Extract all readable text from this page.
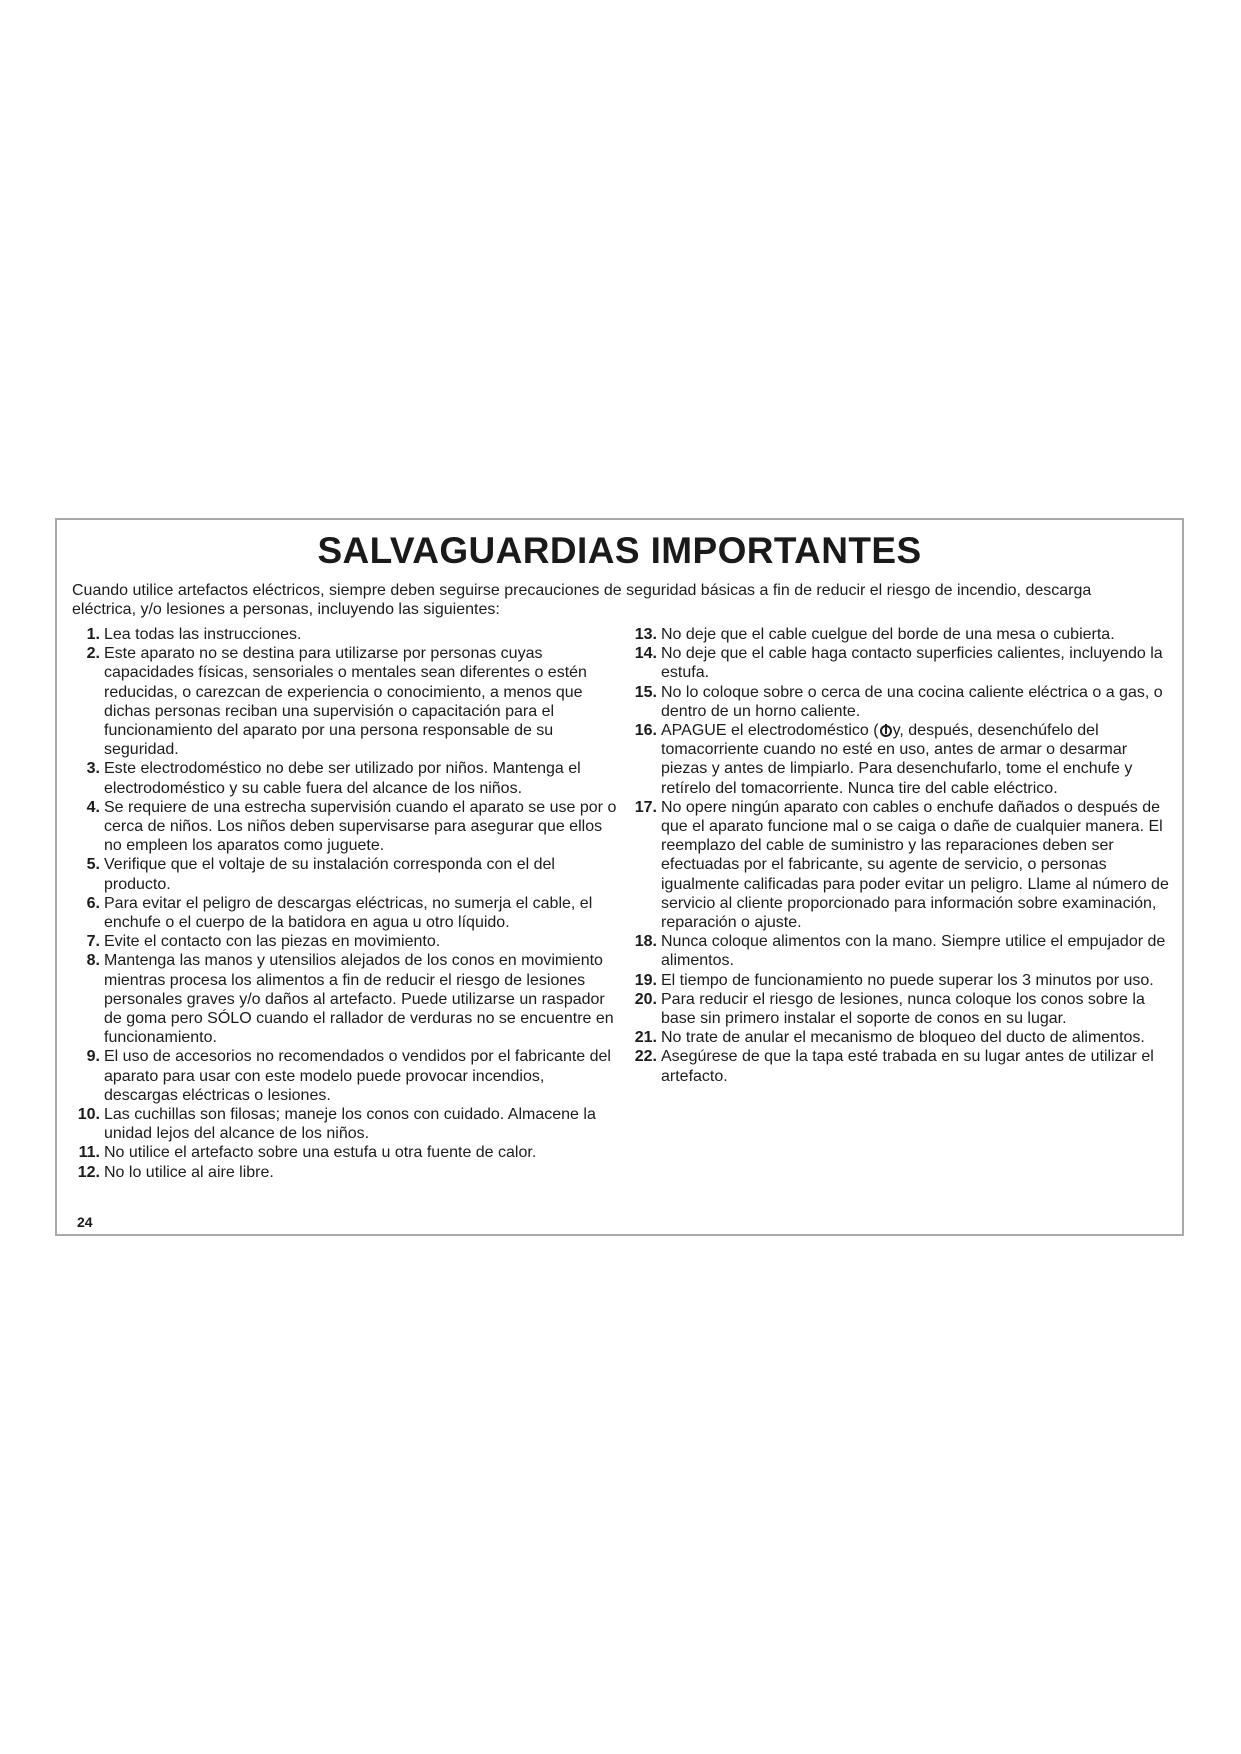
SALVAGUARDIAS IMPORTANTES

Cuando utilice artefactos eléctricos, siempre deben seguirse precauciones de seguridad básicas a fin de reducir el riesgo de incendio, descarga eléctrica, y/o lesiones a personas, incluyendo las siguientes:

1. Lea todas las instrucciones.
2. Este aparato no se destina para utilizarse por personas cuyas capacidades físicas, sensoriales o mentales sean diferentes o estén reducidas, o carezcan de experiencia o conocimiento, a menos que dichas personas reciban una supervisión o capacitación para el funcionamiento del aparato por una persona responsable de su seguridad.
3. Este electrodoméstico no debe ser utilizado por niños. Mantenga el electrodoméstico y su cable fuera del alcance de los niños.
4. Se requiere de una estrecha supervisión cuando el aparato se use por o cerca de niños. Los niños deben supervisarse para asegurar que ellos no empleen los aparatos como juguete.
5. Verifique que el voltaje de su instalación corresponda con el del producto.
6. Para evitar el peligro de descargas eléctricas, no sumerja el cable, el enchufe o el cuerpo de la batidora en agua u otro líquido.
7. Evite el contacto con las piezas en movimiento.
8. Mantenga las manos y utensilios alejados de los conos en movimiento mientras procesa los alimentos a fin de reducir el riesgo de lesiones personales graves y/o daños al artefacto. Puede utilizarse un raspador de goma pero SÓLO cuando el rallador de verduras no se encuentre en funcionamiento.
9. El uso de accesorios no recomendados o vendidos por el fabricante del aparato para usar con este modelo puede provocar incendios, descargas eléctricas o lesiones.
10. Las cuchillas son filosas; maneje los conos con cuidado. Almacene la unidad lejos del alcance de los niños.
11. No utilice el artefacto sobre una estufa u otra fuente de calor.
12. No lo utilice al aire libre.
13. No deje que el cable cuelgue del borde de una mesa o cubierta.
14. No deje que el cable haga contacto superficies calientes, incluyendo la estufa.
15. No lo coloque sobre o cerca de una cocina caliente eléctrica o a gas, o dentro de un horno caliente.
16. APAGUE el electrodoméstico ( y, después, desenchúfelo del tomacorriente cuando no esté en uso, antes de armar o desarmar piezas y antes de limpiarlo. Para desenchufarlo, tome el enchufe y retírelo del tomacorriente. Nunca tire del cable eléctrico.
17. No opere ningún aparato con cables o enchufe dañados o después de que el aparato funcione mal o se caiga o dañe de cualquier manera. El reemplazo del cable de suministro y las reparaciones deben ser efectuadas por el fabricante, su agente de servicio, o personas igualmente calificadas para poder evitar un peligro. Llame al número de servicio al cliente proporcionado para información sobre examinación, reparación o ajuste.
18. Nunca coloque alimentos con la mano. Siempre utilice el empujador de alimentos.
19. El tiempo de funcionamiento no puede superar los 3 minutos por uso.
20. Para reducir el riesgo de lesiones, nunca coloque los conos sobre la base sin primero instalar el soporte de conos en su lugar.
21. No trate de anular el mecanismo de bloqueo del ducto de alimentos.
22. Asegúrese de que la tapa esté trabada en su lugar antes de utilizar el artefacto.

24
